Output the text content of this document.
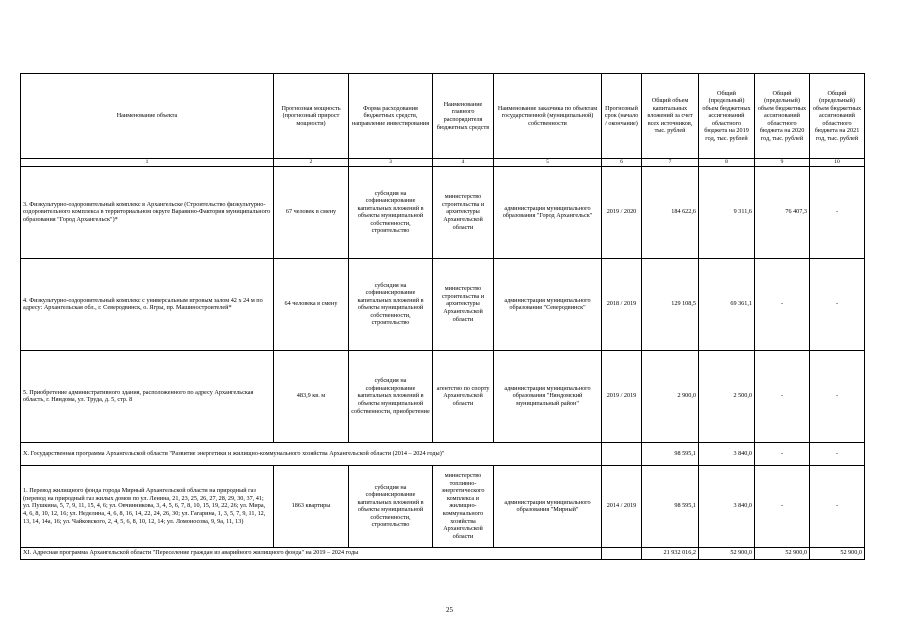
Наименование объекта	Прогнозная мощность (прогнозный прирост мощности)	Форма расходования бюджетных средств, направление инвестирования	Наименование главного распорядителя бюджетных средств	Наименование заказчика по объектам государственной (муниципальной) собственности	Прогнозный срок (начало / окончание)	Общий объем капитальных вложений за счет всех источников, тыс. рублей	Общий (предельный) объем бюджетных ассигнований областного бюджета на 2019 год, тыс. рублей	Общий (предельный) объем бюджетных ассигнований областного бюджета на 2020 год, тыс. рублей	Общий (предельный) объем бюджетных ассигнований областного бюджета на 2021 год, тыс. рублей
1	2	3	4	5	6	7	8	9	10
3. Физкультурно-оздоровительный комплекс в Архангельске (Строительство физкультурно-оздоровительного комплекса в территориальном округе Варавино-Фактория муниципального образования "Город Архангельск")*	67 человек в смену	субсидия на софинансирование капитальных вложений в объекты муниципальной собственности, строительство	министерство строительства и архитектуры Архангельской области	администрация муниципального образования "Город Архангельск"	2019 / 2020	184 622,6	9 311,6	76 407,3	-
4. Физкультурно-оздоровительный комплекс с универсальным игровым залом 42 x 24 м по адресу: Архангельская обл., г. Северодвинск, о. Ягры, пр. Машиностроителей*	64 человека в смену	субсидия на софинансирование капитальных вложений в объекты муниципальной собственности, строительство	министерство строительства и архитектуры Архангельской области	администрация муниципального образования "Северодвинск"	2018 / 2019	129 108,5	69 361,1	-	-
5. Приобретение административного здания, расположенного по адресу Архангельская область, г. Няндома, ул. Труда, д. 5, стр. 8	483,9 кв. м	субсидия на софинансирование капитальных вложений в объекты муниципальной собственности, приобретение	агентство по спорту Архангельской области	администрация муниципального образования "Няндомский муниципальный район"	2019 / 2019	2 900,0	2 500,0	-	-
X. Государственная программа Архангельской области "Развитие энергетики и жилищно-коммунального хозяйства Архангельской области (2014 – 2024 годы)"						98 595,1	3 840,0	-	-
1. Перевод жилищного фонда города Мирный Архангельской области на природный газ (перевод на природный газ жилых домов по ул. Ленина, 21, 23, 25, 26, 27, 28, 29, 30, 37, 41; ул. Пушкина, 5, 7, 9, 11, 15, 4, 6; ул. Овчинникова, 3, 4, 5, 6, 7, 8, 10, 15, 19, 22, 26; ул. Мира, 4, 6, 8, 10, 12, 16; ул. Неделина, 4, 6, 8, 16, 14, 22, 24, 26, 30; ул. Гагарина, 1, 3, 5, 7, 9, 11, 12, 13, 14, 14а, 16; ул. Чайковского, 2, 4, 5, 6, 8, 10, 12, 14; ул. Ломоносова, 9, 9а, 11, 13)	1863 квартиры	субсидия на софинансирование капитальных вложений в объекты муниципальной собственности, строительство	министерство топливно-энергетического комплекса и жилищно-коммунального хозяйства Архангельской области	администрация муниципального образования "Мирный"	2014 / 2019	98 595,1	3 840,0	-	-
XI. Адресная программа Архангельской области "Переселение граждан из аварийного жилищного фонда" на 2019 – 2024 годы						21 932 016,2	52 900,0	52 900,0	52 900,0
25
